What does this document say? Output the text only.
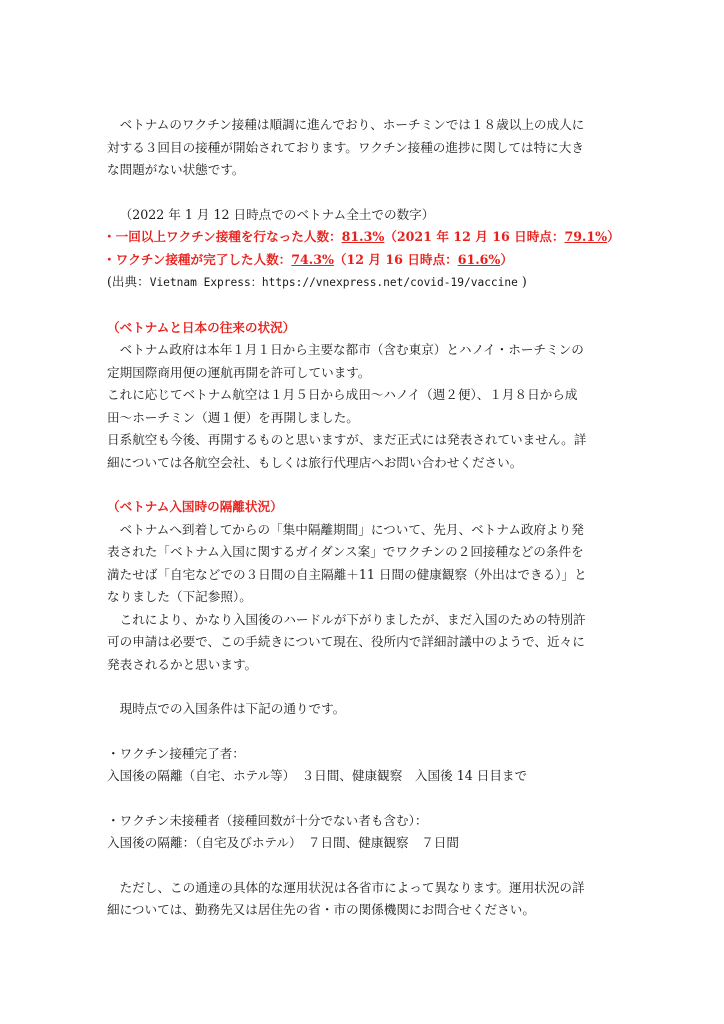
ベトナムのワクチン接種は順調に進んでおり、ホーチミンでは１８歳以上の成人に

対する３回目の接種が開始されております。ワクチン接種の進捗に関しては特に大き

な問題がない状態です。

（2022 年 1 月 12 日時点でのベトナム全土での数字）

・一回以上ワクチン接種を行なった人数：81.3%（2021 年 12 月 16 日時点：79.1%）

・ワクチン接種が完了した人数：74.3%（12 月 16 日時点：61.6%）

(出典：Vietnam Express：https://vnexpress.net/covid-19/vaccine )

（ベトナムと日本の往来の状況）

ベトナム政府は本年１月１日から主要な都市（含む東京）とハノイ・ホーチミンの

定期国際商用便の運航再開を許可しています。

これに応じてベトナム航空は１月５日から成田〜ハノイ（週２便）、１月８日から成

田〜ホーチミン（週１便）を再開しました。

日系航空も今後、再開するものと思いますが、まだ正式には発表されていません。詳

細については各航空会社、もしくは旅行代理店へお問い合わせください。

（ベトナム入国時の隔離状況）

ベトナムへ到着してからの「集中隔離期間」について、先月、ベトナム政府より発

表された「ベトナム入国に関するガイダンス案」でワクチンの２回接種などの条件を

満たせば「自宅などでの３日間の自主隔離＋11 日間の健康観察（外出はできる）」と

なりました（下記参照）。

これにより、かなり入国後のハードルが下がりましたが、まだ入国のための特別許

可の申請は必要で、この手続きについて現在、役所内で詳細討議中のようで、近々に

発表されるかと思います。

現時点での入国条件は下記の通りです。

・ワクチン接種完了者：

入国後の隔離（自宅、ホテル等）　３日間、健康観察　入国後 14 日目まで

・ワクチン未接種者（接種回数が十分でない者も含む）：

入国後の隔離：（自宅及びホテル）　７日間、健康観察　７日間

ただし、この通達の具体的な運用状況は各省市によって異なります。運用状況の詳

細については、勤務先又は居住先の省・市の関係機関にお問合せください。
